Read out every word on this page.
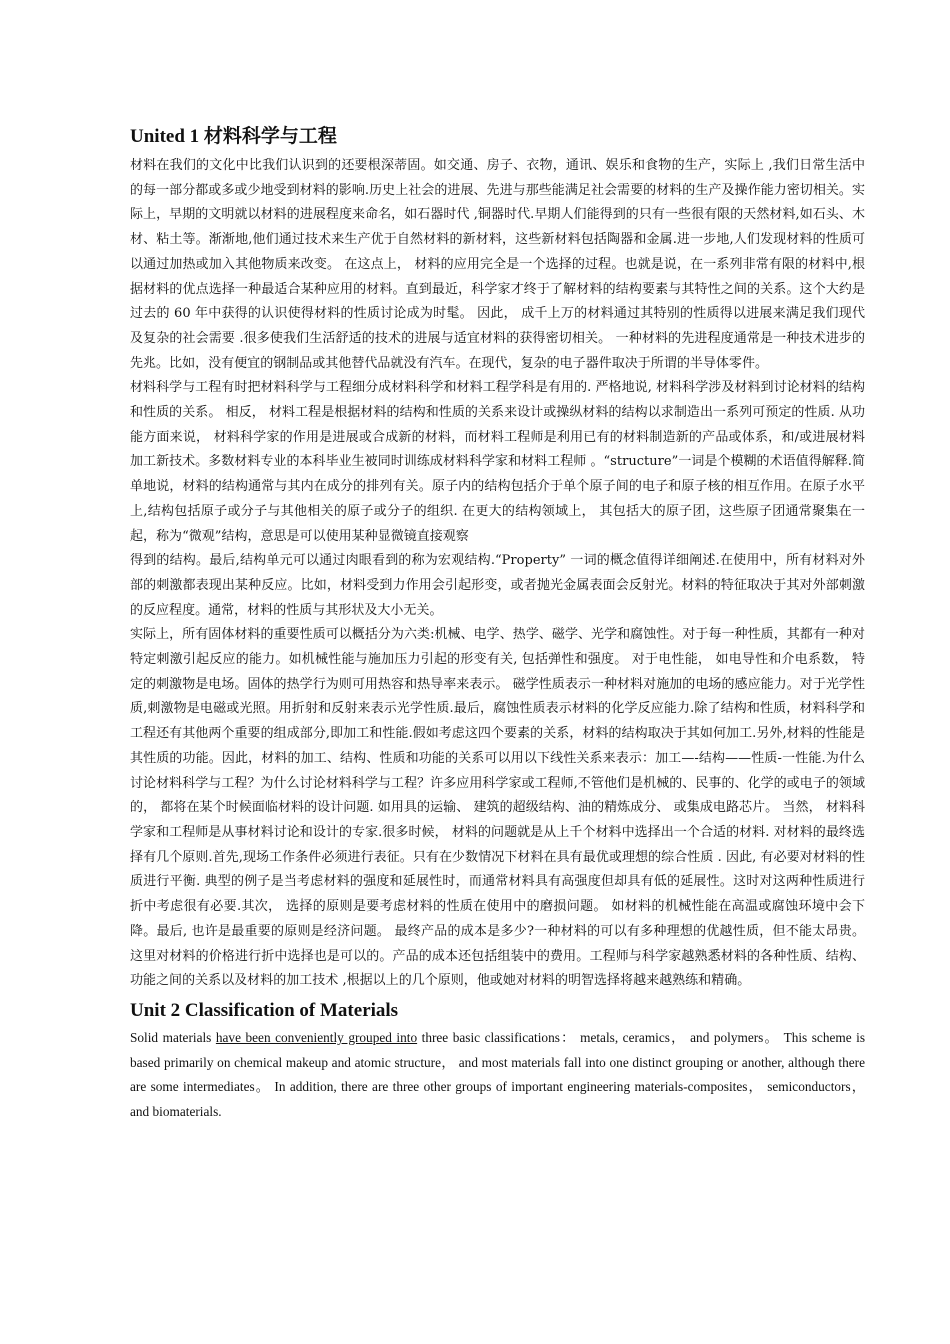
United 1 材料科学与工程

材料在我们的文化中比我们认识到的还要根深蒂固。如交通、房子、衣物，通讯、娱乐和食物的生产，实际上 ,我们日常生活中的每一部分都或多或少地受到材料的影响.历史上社会的进展、先进与那些能满足社会需要的材料的生产及操作能力密切相关。实际上，早期的文明就以材料的进展程度来命名，如石器时代 ,铜器时代.早期人们能得到的只有一些很有限的天然材料,如石头、木材、粘土等。渐渐地,他们通过技术来生产优于自然材料的新材料，这些新材料包括陶器和金属.进一步地,人们发现材料的性质可以通过加热或加入其他物质来改变。 在这点上， 材料的应用完全是一个选择的过程。也就是说，在一系列非常有限的材料中,根据材料的优点选择一种最适合某种应用的材料。直到最近，科学家才终于了解材料的结构要素与其特性之间的关系。这个大约是过去的 60 年中获得的认识使得材料的性质讨论成为时髦。 因此， 成千上万的材料通过其特别的性质得以进展来满足我们现代及复杂的社会需要 .很多使我们生活舒适的技术的进展与适宜材料的获得密切相关。 一种材料的先进程度通常是一种技术进步的先兆。比如，没有便宜的钢制品或其他替代品就没有汽车。在现代，复杂的电子器件取决于所谓的半导体零件。

材料科学与工程有时把材料科学与工程细分成材料科学和材料工程学科是有用的. 严格地说, 材料科学涉及材料到讨论材料的结构和性质的关系。 相反， 材料工程是根据材料的结构和性质的关系来设计或操纵材料的结构以求制造出一系列可预定的性质. 从功能方面来说， 材料科学家的作用是进展或合成新的材料，而材料工程师是利用已有的材料制造新的产品或体系，和/或进展材料加工新技术。多数材料专业的本科毕业生被同时训练成材料科学家和材料工程师 。“structure”一词是个模糊的术语值得解释.简单地说，材料的结构通常与其内在成分的排列有关。原子内的结构包括介于单个原子间的电子和原子核的相互作用。在原子水平上,结构包括原子或分子与其他相关的原子或分子的组织. 在更大的结构领域上， 其包括大的原子团，这些原子团通常聚集在一起，称为“微观”结构，意思是可以使用某种显微镜直接观察

得到的结构。最后,结构单元可以通过肉眼看到的称为宏观结构.“Property” 一词的概念值得详细阐述.在使用中，所有材料对外部的刺激都表现出某种反应。比如，材料受到力作用会引起形变，或者抛光金属表面会反射光。材料的特征取决于其对外部刺激的反应程度。通常，材料的性质与其形状及大小无关。

实际上，所有固体材料的重要性质可以概括分为六类:机械、电学、热学、磁学、光学和腐蚀性。对于每一种性质，其都有一种对特定刺激引起反应的能力。如机械性能与施加压力引起的形变有关, 包括弹性和强度。 对于电性能， 如电导性和介电系数， 特定的刺激物是电场。固体的热学行为则可用热容和热导率来表示。 磁学性质表示一种材料对施加的电场的感应能力。对于光学性质,刺激物是电磁或光照。用折射和反射来表示光学性质.最后，腐蚀性质表示材料的化学反应能力.除了结构和性质，材料科学和工程还有其他两个重要的组成部分,即加工和性能.假如考虑这四个要素的关系，材料的结构取决于其如何加工.另外,材料的性能是其性质的功能。因此，材料的加工、结构、性质和功能的关系可以用以下线性关系来表示：加工—-结构——性质-一性能.为什么讨论材料科学与工程？为什么讨论材料科学与工程？许多应用科学家或工程师,不管他们是机械的、民事的、化学的或电子的领域的， 都将在某个时候面临材料的设计问题. 如用具的运输、 建筑的超级结构、油的精炼成分、 或集成电路芯片。 当然， 材料科学家和工程师是从事材料讨论和设计的专家.很多时候， 材料的问题就是从上千个材料中选择出一个合适的材料. 对材料的最终选择有几个原则.首先,现场工作条件必须进行表征。只有在少数情况下材料在具有最优或理想的综合性质 . 因此, 有必要对材料的性质进行平衡. 典型的例子是当考虑材料的强度和延展性时，而通常材料具有高强度但却具有低的延展性。这时对这两种性质进行折中考虑很有必要.其次， 选择的原则是要考虑材料的性质在使用中的磨损问题。 如材料的机械性能在高温或腐蚀环境中会下降。最后, 也许是最重要的原则是经济问题。 最终产品的成本是多少?一种材料的可以有多种理想的优越性质，但不能太昂贵。这里对材料的价格进行折中选择也是可以的。产品的成本还包括组装中的费用。工程师与科学家越熟悉材料的各种性质、结构、功能之间的关系以及材料的加工技术 ,根据以上的几个原则，他或她对材料的明智选择将越来越熟练和精确。

Unit 2 Classification of Materials

Solid materials have been conveniently grouped into three basic classifications： metals, ceramics， and polymers。 This scheme is based primarily on chemical makeup and atomic structure， and most materials fall into one distinct grouping or another, although there are some intermediates。 In addition, there are three other groups of important engineering materials-composites， semiconductors， and biomaterials.
